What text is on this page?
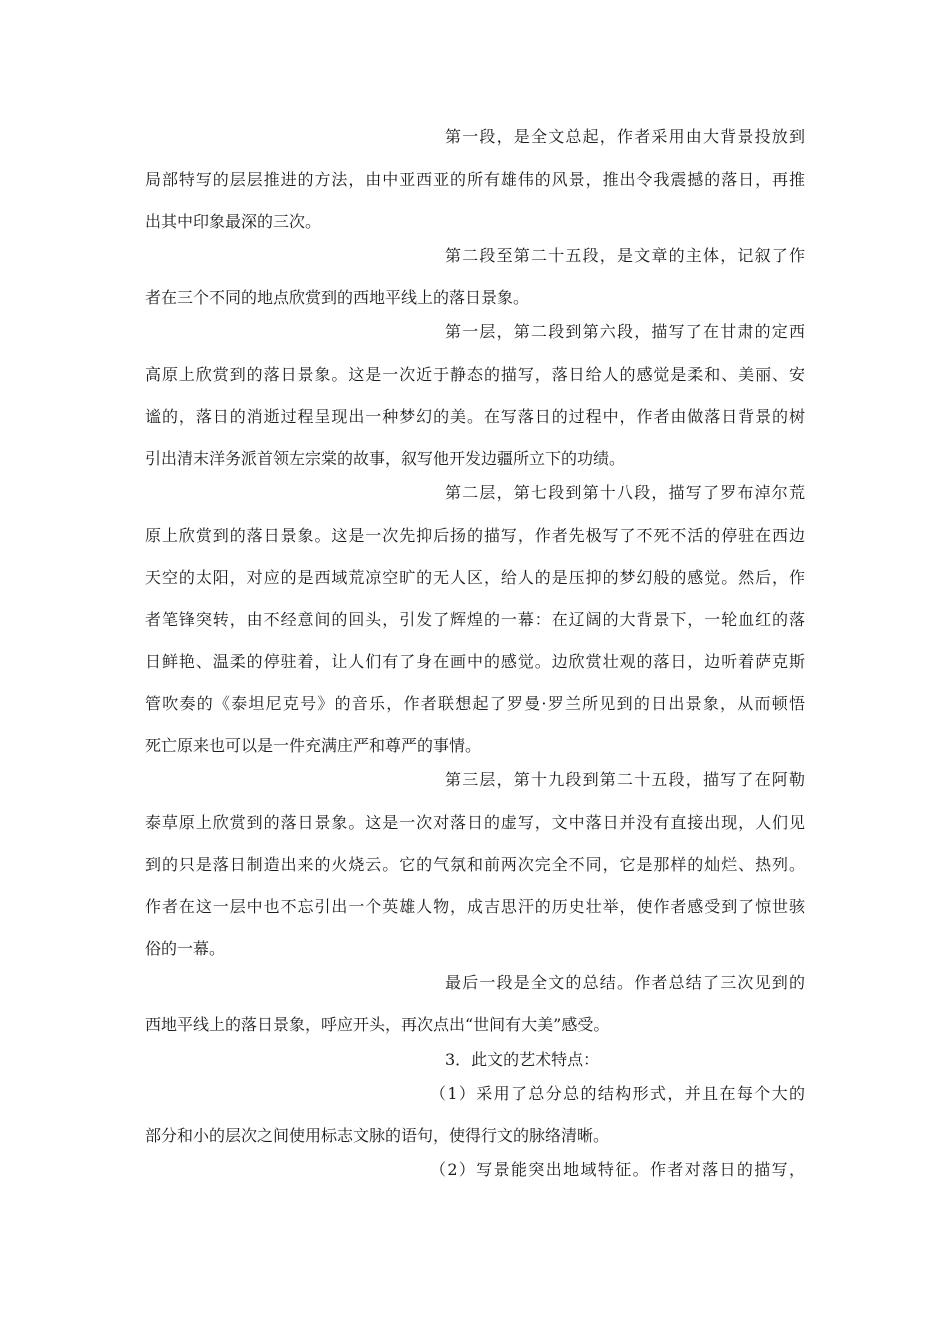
第一段，是全文总起，作者采用由大背景投放到
局部特写的层层推进的方法，由中亚西亚的所有雄伟的风景，推出令我震撼的落日，再推
出其中印象最深的三次。
第二段至第二十五段，是文章的主体，记叙了作
者在三个不同的地点欣赏到的西地平线上的落日景象。
第一层，第二段到第六段，描写了在甘肃的定西
高原上欣赏到的落日景象。这是一次近于静态的描写，落日给人的感觉是柔和、美丽、安
谧的，落日的消逝过程呈现出一种梦幻的美。在写落日的过程中，作者由做落日背景的树
引出清末洋务派首领左宗棠的故事，叙写他开发边疆所立下的功绩。
第二层，第七段到第十八段，描写了罗布淖尔荒
原上欣赏到的落日景象。这是一次先抑后扬的描写，作者先极写了不死不活的停驻在西边
天空的太阳，对应的是西域荒凉空旷的无人区，给人的是压抑的梦幻般的感觉。然后，作
者笔锋突转，由不经意间的回头，引发了辉煌的一幕：在辽阔的大背景下，一轮血红的落
日鲜艳、温柔的停驻着，让人们有了身在画中的感觉。边欣赏壮观的落日，边听着萨克斯
管吹奏的《泰坦尼克号》的音乐，作者联想起了罗曼·罗兰所见到的日出景象，从而顿悟
死亡原来也可以是一件充满庄严和尊严的事情。
第三层，第十九段到第二十五段，描写了在阿勒
泰草原上欣赏到的落日景象。这是一次对落日的虚写，文中落日并没有直接出现，人们见
到的只是落日制造出来的火烧云。它的气氛和前两次完全不同，它是那样的灿烂、热列。
作者在这一层中也不忘引出一个英雄人物，成吉思汗的历史壮举，使作者感受到了惊世骇
俗的一幕。
最后一段是全文的总结。作者总结了三次见到的
西地平线上的落日景象，呼应开头，再次点出“世间有大美”感受。
3．此文的艺术特点：
（1）采用了总分总的结构形式，并且在每个大的
部分和小的层次之间使用标志文脉的语句，使得行文的脉络清晰。
（2）写景能突出地域特征。作者对落日的描写，
